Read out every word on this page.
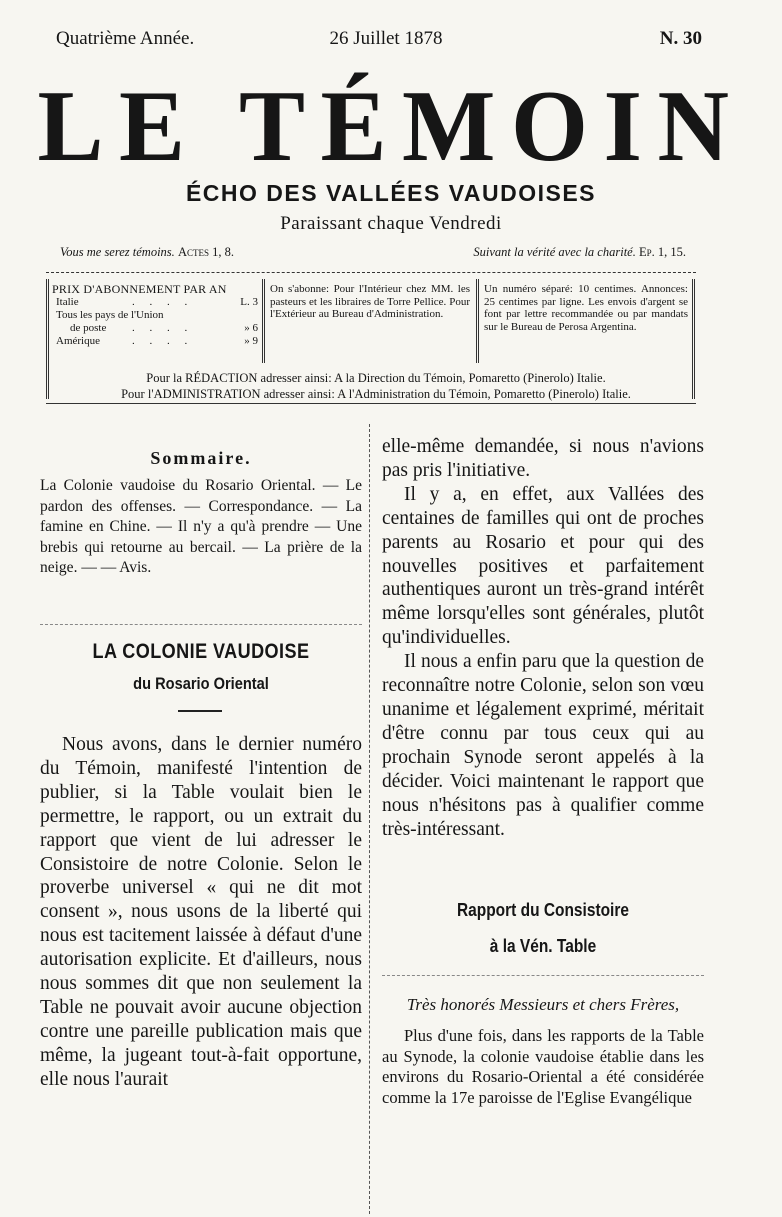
Quatrième Année.	26 Juillet 1878	N. 30
LE TÉMOIN
ÉCHO DES VALLÉES VAUDOISES
Paraissant chaque Vendredi
Vous me serez témoins. Actes 1, 8.	Suivant la vérité avec la charité. Ep. 1, 15.
PRIX D'ABONNEMENT PAR AN
Italie	. . . .	L. 3
Tous les pays de l'Union
de poste . . . .	» 6
Amérique	. . . .	» 9
On s'abonne: Pour l'Intérieur chez MM. les pasteurs et les libraires de Torre Pellice. Pour l'Extérieur au Bureau d'Administration.
Un numéro séparé: 10 centimes. Annonces: 25 centimes par ligne. Les envois d'argent se font par lettre recommandée ou par mandats sur le Bureau de Perosa Argentina.
Pour la RÉDACTION adresser ainsi: A la Direction du Témoin, Pomaretto (Pinerolo) Italie.
Pour l'ADMINISTRATION adresser ainsi: A l'Administration du Témoin, Pomaretto (Pinerolo) Italie.
Sommaire.
La Colonie vaudoise du Rosario Oriental. — Le pardon des offenses. — Correspondance. — La famine en Chine. — Il n'y a qu'à prendre — Une brebis qui retourne au bercail. — La prière de la neige. — — Avis.
LA COLONIE VAUDOISE
du Rosario Oriental

Nous avons, dans le dernier numéro du Témoin, manifesté l'intention de publier, si la Table voulait bien le permettre, le rapport, ou un extrait du rapport que vient de lui adresser le Consistoire de notre Colonie. Selon le proverbe universel « qui ne dit mot consent », nous usons de la liberté qui nous est tacitement laissée à défaut d'une autorisation explicite. Et d'ailleurs, nous nous sommes dit que non seulement la Table ne pouvait avoir aucune objection contre une pareille publication mais que même, la jugeant tout-à-fait opportune, elle nous l'aurait

elle-même demandée, si nous n'avions pas pris l'initiative.

Il y a, en effet, aux Vallées des centaines de familles qui ont de proches parents au Rosario et pour qui des nouvelles positives et parfaitement authentiques auront un très-grand intérêt même lorsqu'elles sont générales, plutôt qu'individuelles.

Il nous a enfin paru que la question de reconnaître notre Colonie, selon son vœu unanime et légalement exprimé, méritait d'être connu par tous ceux qui au prochain Synode seront appelés à la décider. Voici maintenant le rapport que nous n'hésitons pas à qualifier comme très-intéressant.

Rapport du Consistoire
à la Vén. Table
Très honorés Messieurs et chers Frères,
Plus d'une fois, dans les rapports de la Table au Synode, la colonie vaudoise établie dans les environs du Rosario-Oriental a été considérée comme la 17e paroisse de l'Eglise Evangélique
